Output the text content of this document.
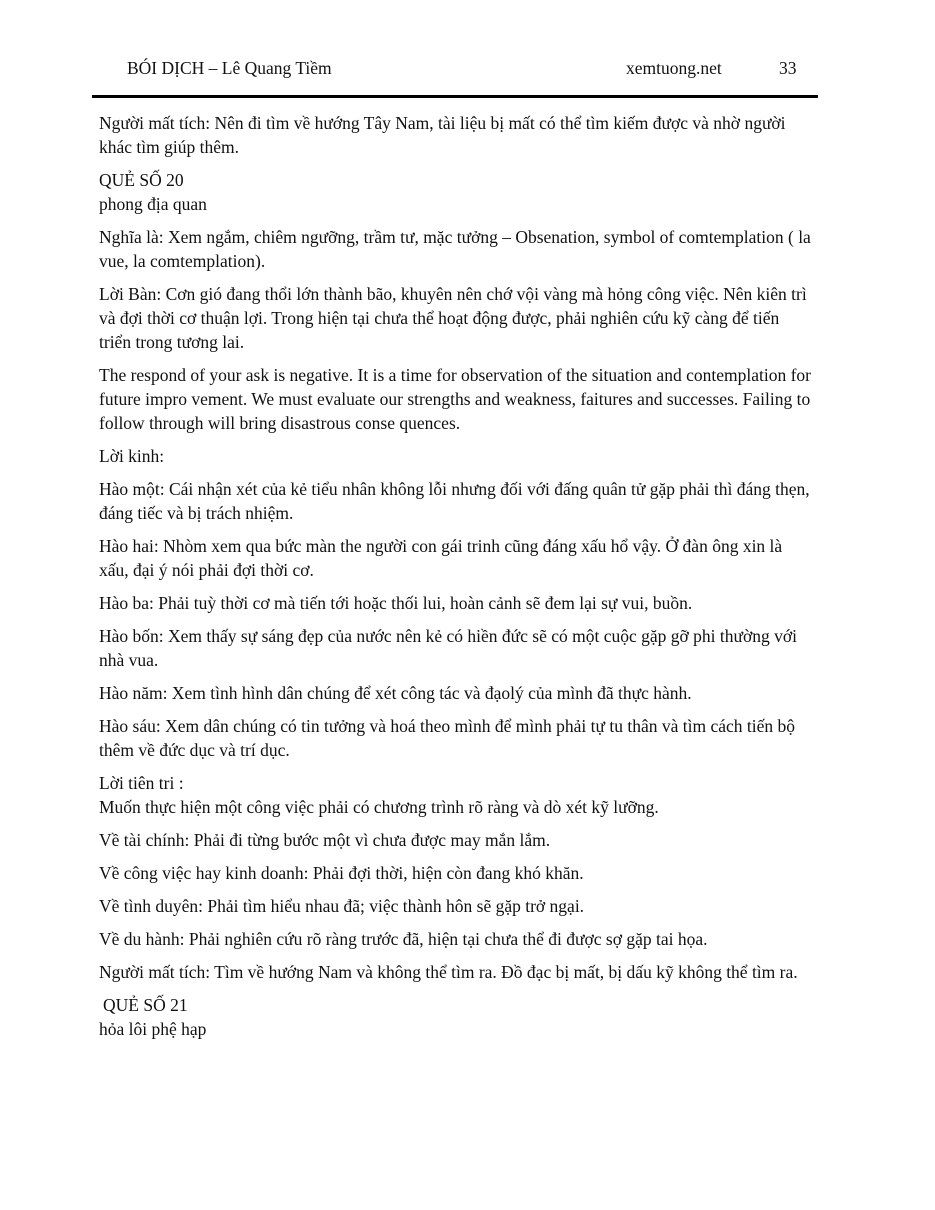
BÓI DỊCH – Lê Quang Tiềm	xemtuong.net	33

Người mất tích: Nên đi tìm về hướng Tây Nam, tài liệu bị mất có thể tìm kiếm được và nhờ người khác tìm giúp thêm.

QUẺ SỐ 20

phong địa quan

Nghĩa là: Xem ngắm, chiêm ngưỡng, trầm tư, mặc tưởng – Obsenation, symbol of comtemplation ( la vue, la comtemplation).

Lời Bàn: Cơn gió đang thổi lớn thành bão, khuyên nên chớ vội vàng mà hỏng công việc. Nên kiên trì và đợi thời cơ thuận lợi. Trong hiện tại chưa thể hoạt động được, phải nghiên cứu kỹ càng để tiến triển trong tương lai.

The respond of your ask is negative. It is a time for observation of the situation and contemplation for future impro vement. We must evaluate our strengths and weakness, faitures and successes. Failing to follow through will bring disastrous conse quences.

Lời kinh:

Hào một: Cái nhận xét của kẻ tiểu nhân không lỗi nhưng đối với đấng quân tử gặp phải thì đáng thẹn, đáng tiếc và bị trách nhiệm.

Hào hai: Nhòm xem qua bức màn the người con gái trinh cũng đáng xấu hổ vậy. Ở đàn ông xin là xấu, đại ý nói phải đợi thời cơ.

Hào ba: Phải tuỳ thời cơ mà tiến tới hoặc thối lui, hoàn cảnh sẽ đem lại sự vui, buồn.

Hào bốn: Xem thấy sự sáng đẹp của nước nên kẻ có hiền đức sẽ có một cuộc gặp gỡ phi thường với nhà vua.

Hào năm: Xem tình hình dân chúng để xét công tác và đạolý của mình đã thực hành.

Hào sáu: Xem dân chúng có tin tưởng và hoá theo mình để mình phải tự tu thân và tìm cách tiến bộ thêm về đức dục và trí dục.

Lời tiên tri :

Muốn thực hiện một công việc phải có chương trình rõ ràng và dò xét kỹ lưỡng.

Về tài chính: Phải đi từng bước một vì chưa được may mắn lắm.

Về công việc hay kinh doanh: Phải đợi thời, hiện còn đang khó khăn.

Về tình duyên: Phải tìm hiểu nhau đã; việc thành hôn sẽ gặp trở ngại.

Về du hành: Phải nghiên cứu rõ ràng trước đã, hiện tại chưa thể đi được sợ gặp tai họa.

Người mất tích: Tìm về hướng Nam và không thể tìm ra. Đồ đạc bị mất, bị dấu kỹ không thể tìm ra.

QUẺ SỐ 21

hỏa lôi phệ hạp
